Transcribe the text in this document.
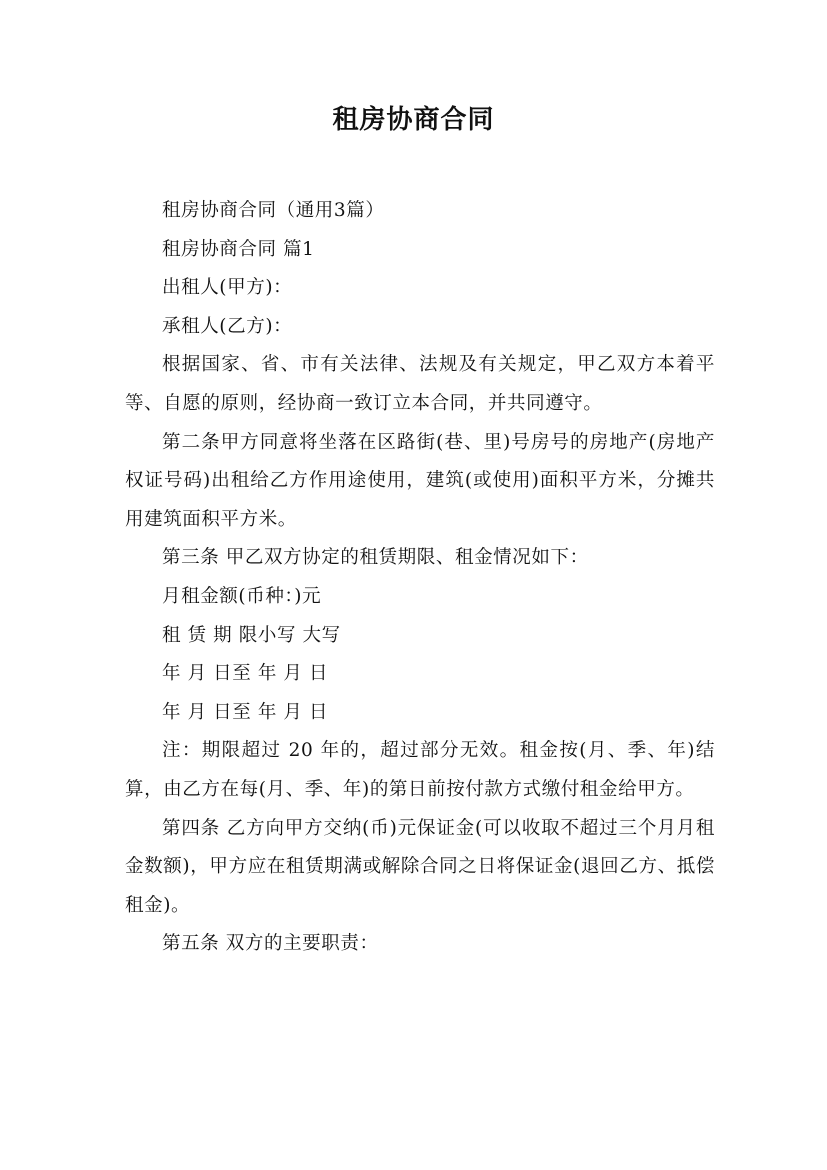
租房协商合同

租房协商合同（通用3篇）

租房协商合同 篇1

出租人(甲方)：

承租人(乙方)：

根据国家、省、市有关法律、法规及有关规定，甲乙双方本着平等、自愿的原则，经协商一致订立本合同，并共同遵守。

第二条甲方同意将坐落在区路街(巷、里)号房号的房地产(房地产权证号码)出租给乙方作用途使用，建筑(或使用)面积平方米，分摊共用建筑面积平方米。

第三条 甲乙双方协定的租赁期限、租金情况如下：

月租金额(币种：)元

租 赁 期 限小写 大写

年 月 日至 年 月 日

年 月 日至 年 月 日

注：期限超过 20 年的，超过部分无效。租金按(月、季、年)结算，由乙方在每(月、季、年)的第日前按付款方式缴付租金给甲方。

第四条 乙方向甲方交纳(币)元保证金(可以收取不超过三个月月租金数额)，甲方应在租赁期满或解除合同之日将保证金(退回乙方、抵偿租金)。

第五条 双方的主要职责：
